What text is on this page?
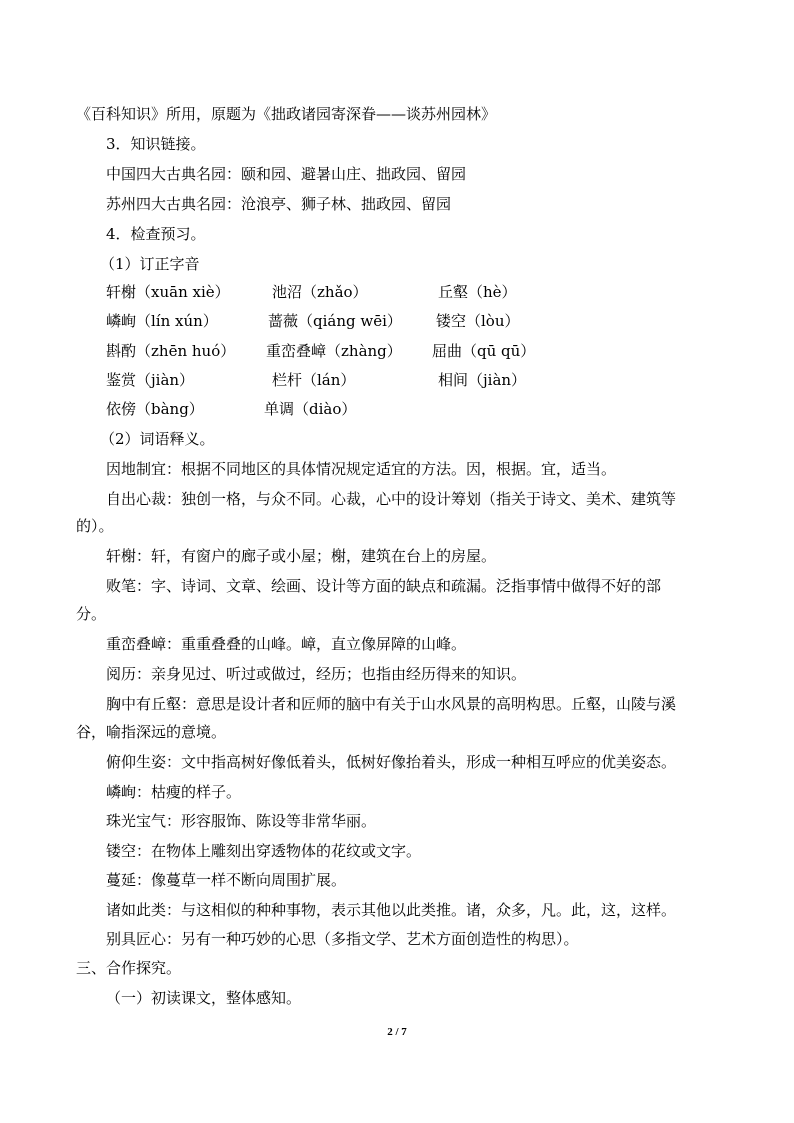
《百科知识》所用，原题为《拙政诸园寄深眷——谈苏州园林》
3．知识链接。
中国四大古典名园：颐和园、避暑山庄、拙政园、留园
苏州四大古典名园：沧浪亭、狮子林、拙政园、留园
4．检查预习。
（1）订正字音
轩榭（xuān xiè）	池沼（zhǎo）	丘壑（hè）
嶙峋（lín xún）	蔷薇（qiáng wēi） 镂空（lòu）
斟酌（zhēn huó） 重峦叠嶂（zhàng） 屈曲（qū qū）
鉴赏（jiàn）	栏杆（lán）	相间（jiàn）
依傍（bàng）	单调（diào）
（2）词语释义。
因地制宜：根据不同地区的具体情况规定适宜的方法。因，根据。宜，适当。
自出心裁：独创一格，与众不同。心裁，心中的设计筹划（指关于诗文、美术、建筑等
的）。
轩榭：轩，有窗户的廊子或小屋；榭，建筑在台上的房屋。
败笔：字、诗词、文章、绘画、设计等方面的缺点和疏漏。泛指事情中做得不好的部
分。
重峦叠嶂：重重叠叠的山峰。嶂，直立像屏障的山峰。
阅历：亲身见过、听过或做过，经历；也指由经历得来的知识。
胸中有丘壑：意思是设计者和匠师的脑中有关于山水风景的高明构思。丘壑，山陵与溪
谷，喻指深远的意境。
俯仰生姿：文中指高树好像低着头，低树好像抬着头，形成一种相互呼应的优美姿态。
嶙峋：枯瘦的样子。
珠光宝气：形容服饰、陈设等非常华丽。
镂空：在物体上雕刻出穿透物体的花纹或文字。
蔓延：像蔓草一样不断向周围扩展。
诸如此类：与这相似的种种事物，表示其他以此类推。诸，众多，凡。此，这，这样。
别具匠心：另有一种巧妙的心思（多指文学、艺术方面创造性的构思）。
三、合作探究。
（一）初读课文，整体感知。
2 / 7
